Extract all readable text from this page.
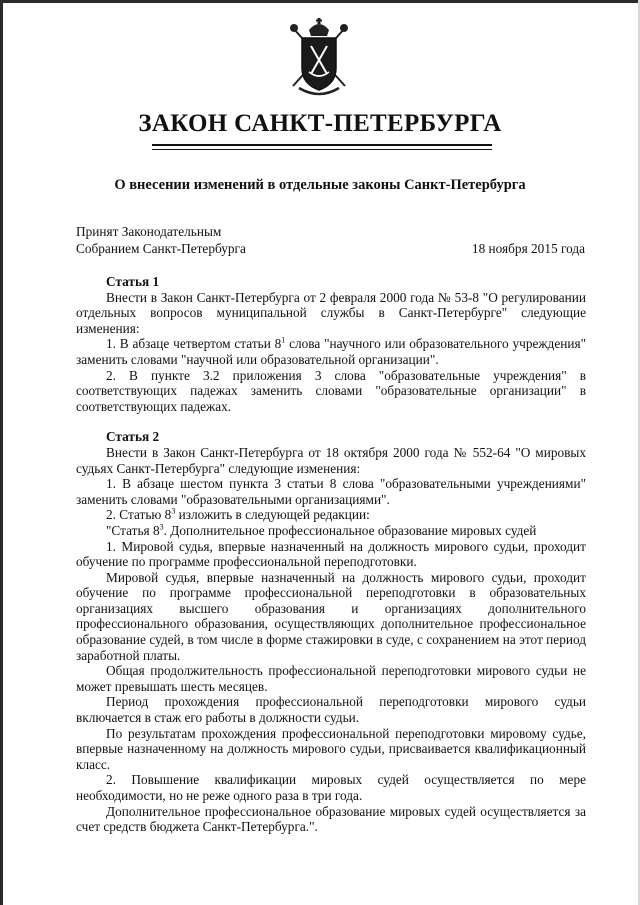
ЗАКОН САНКТ-ПЕТЕРБУРГА
О внесении изменений в отдельные законы Санкт-Петербурга
Принят Законодательным
Собранием Санкт-Петербурга	18 ноября 2015 года

Статья 1

Внести в Закон Санкт-Петербурга от 2 февраля 2000 года № 53-8 "О регулировании отдельных вопросов муниципальной службы в Санкт-Петербурге" следующие изменения:

1. В абзаце четвертом статьи $8^1$ слова "научного или образовательного учреждения" заменить словами "научной или образовательной организации".

2. В пункте 3.2 приложения 3 слова "образовательные учреждения" в соответствующих падежах заменить словами "образовательные организации" в соответствующих падежах.

Статья 2

Внести в Закон Санкт-Петербурга от 18 октября 2000 года № 552-64 "О мировых судьях Санкт-Петербурга" следующие изменения:

1. В абзаце шестом пункта 3 статьи 8 слова "образовательными учреждениями" заменить словами "образовательными организациями".

2. Статью $8^3$ изложить в следующей редакции:

"Статья $8^3$. Дополнительное профессиональное образование мировых судей

1. Мировой судья, впервые назначенный на должность мирового судьи, проходит обучение по программе профессиональной переподготовки.

Мировой судья, впервые назначенный на должность мирового судьи, проходит обучение по программе профессиональной переподготовки в образовательных организациях высшего образования и организациях дополнительного профессионального образования, осуществляющих дополнительное профессиональное образование судей, в том числе в форме стажировки в суде, с сохранением на этот период заработной платы.

Общая продолжительность профессиональной переподготовки мирового судьи не может превышать шесть месяцев.

Период прохождения профессиональной переподготовки мирового судьи включается в стаж его работы в должности судьи.

По результатам прохождения профессиональной переподготовки мировому судье, впервые назначенному на должность мирового судьи, присваивается квалификационный класс.

2. Повышение квалификации мировых судей осуществляется по мере необходимости, но не реже одного раза в три года.

Дополнительное профессиональное образование мировых судей осуществляется за счет средств бюджета Санкт-Петербурга.".
